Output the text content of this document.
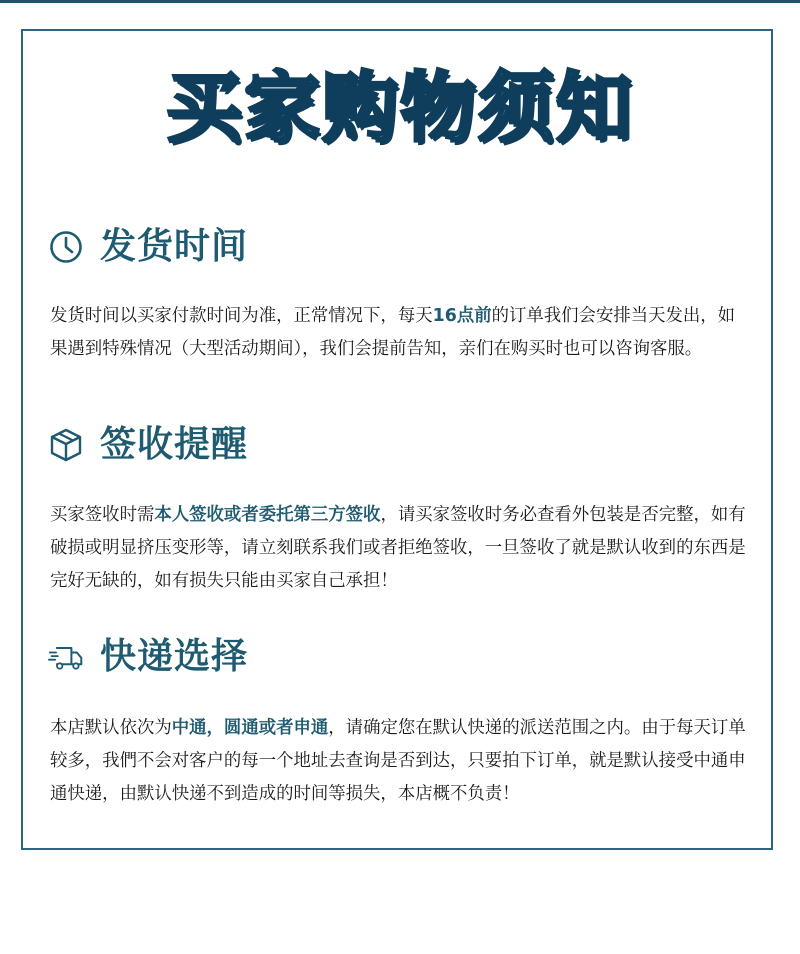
买家购物须知
发货时间

发货时间以买家付款时间为准，正常情况下，每天16点前的订单我们会安排当天发出，如果遇到特殊情况（大型活动期间），我们会提前告知，亲们在购买时也可以咨询客服。

签收提醒

买家签收时需本人签收或者委托第三方签收，请买家签收时务必查看外包装是否完整，如有破损或明显挤压变形等，请立刻联系我们或者拒绝签收，一旦签收了就是默认收到的东西是完好无缺的，如有损失只能由买家自己承担！

快递选择

本店默认依次为中通，圆通或者申通，请确定您在默认快递的派送范围之内。由于每天订单较多，我們不会对客户的每一个地址去查询是否到达，只要拍下订单，就是默认接受中通申通快递，由默认快递不到造成的时间等损失，本店概不负责！
